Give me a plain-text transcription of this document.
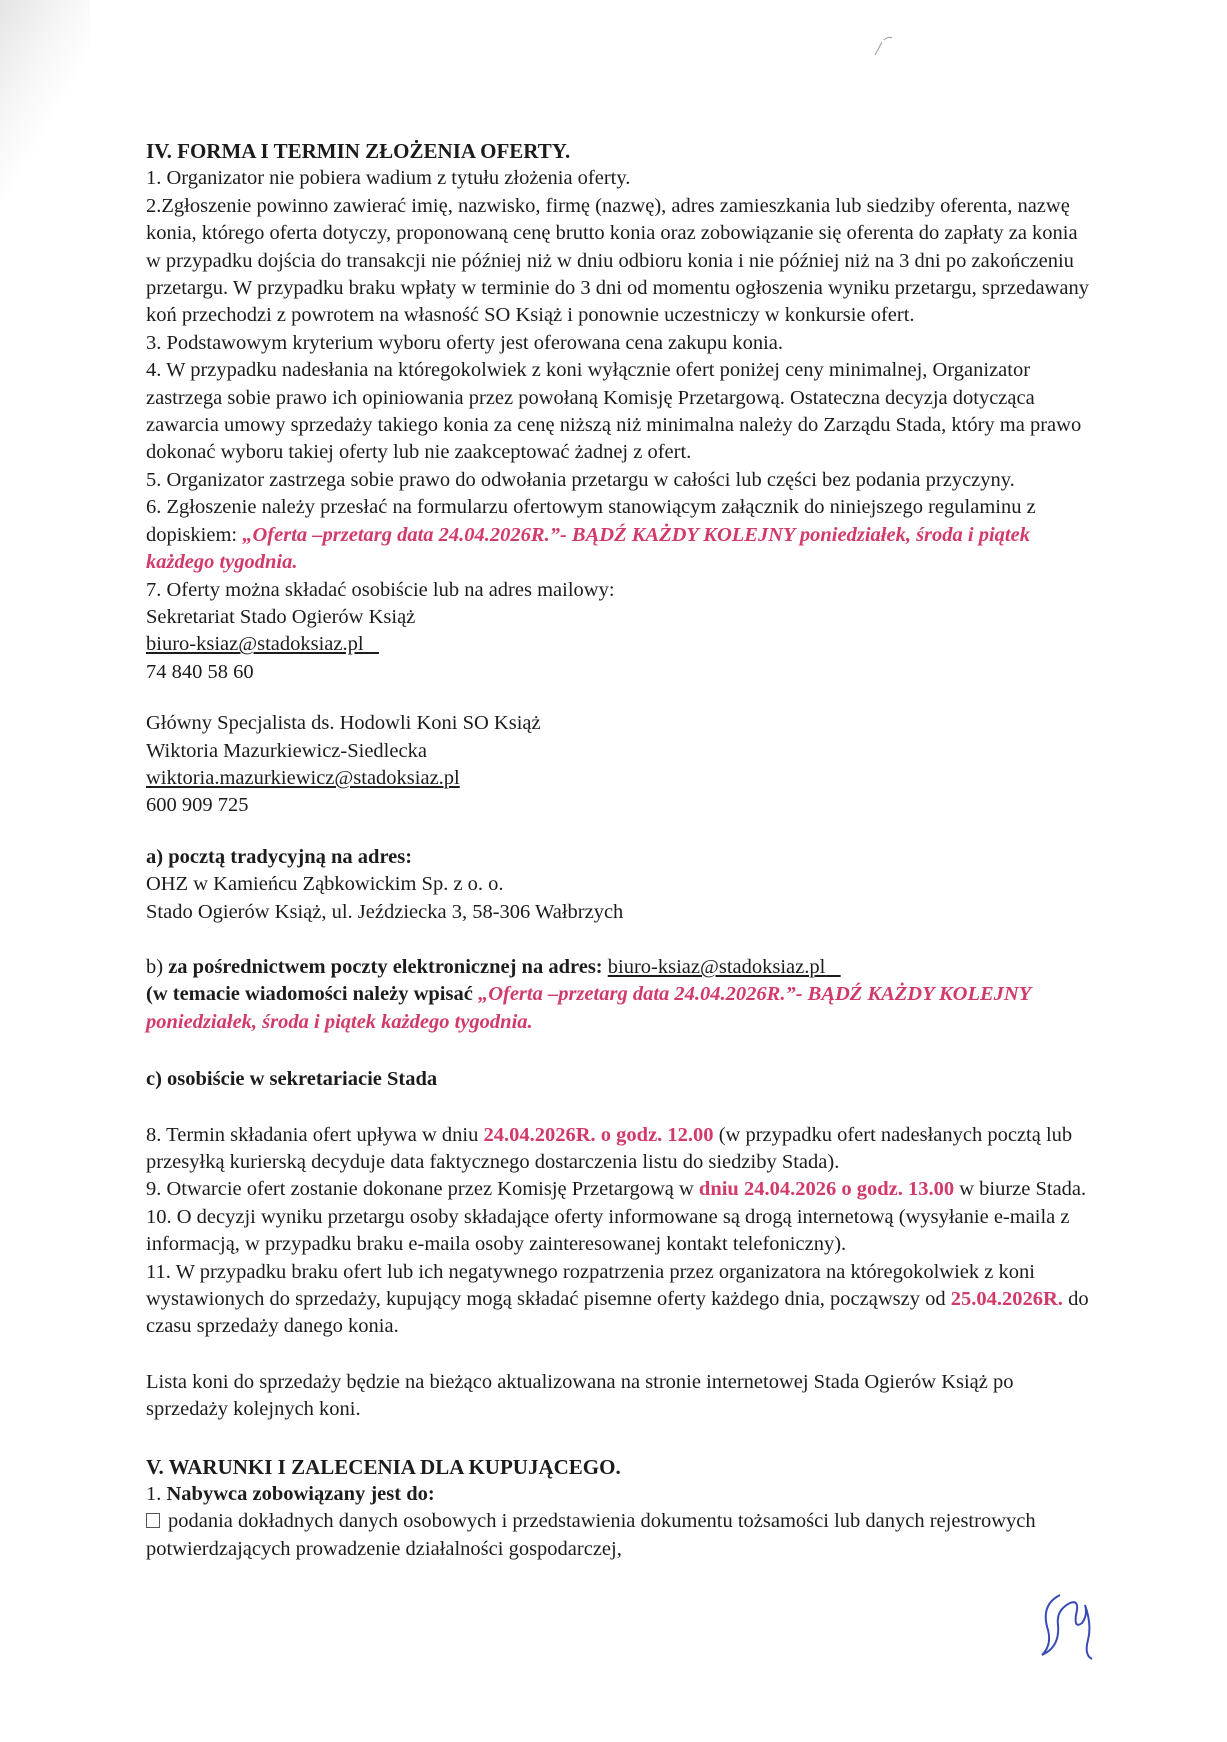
IV. FORMA I TERMIN ZŁOŻENIA OFERTY.

1. Organizator nie pobiera wadium z tytułu złożenia oferty.

2.Zgłoszenie powinno zawierać imię, nazwisko, firmę (nazwę), adres zamieszkania lub siedziby oferenta, nazwę konia, którego oferta dotyczy, proponowaną cenę brutto konia oraz zobowiązanie się oferenta do zapłaty za konia w przypadku dojścia do transakcji nie później niż w dniu odbioru konia i nie później niż na 3 dni po zakończeniu przetargu. W przypadku braku wpłaty w terminie do 3 dni od momentu ogłoszenia wyniku przetargu, sprzedawany koń przechodzi z powrotem na własność SO Książ i ponownie uczestniczy w konkursie ofert.

3. Podstawowym kryterium wyboru oferty jest oferowana cena zakupu konia.

4. W przypadku nadesłania na któregokolwiek z koni wyłącznie ofert poniżej ceny minimalnej, Organizator zastrzega sobie prawo ich opiniowania przez powołaną Komisję Przetargową. Ostateczna decyzja dotycząca zawarcia umowy sprzedaży takiego konia za cenę niższą niż minimalna należy do Zarządu Stada, który ma prawo dokonać wyboru takiej oferty lub nie zaakceptować żadnej z ofert.

5. Organizator zastrzega sobie prawo do odwołania przetargu w całości lub części bez podania przyczyny.

6. Zgłoszenie należy przesłać na formularzu ofertowym stanowiącym załącznik do niniejszego regulaminu z dopiskiem: „Oferta –przetarg data 24.04.2026R.”- BĄDŹ KAŻDY KOLEJNY poniedziałek, środa i piątek każdego tygodnia.

7. Oferty można składać osobiście lub na adres mailowy:

Sekretariat Stado Ogierów Książ

biuro-ksiaz@stadoksiaz.pl

74 840 58 60

Główny Specjalista ds. Hodowli Koni SO Książ

Wiktoria Mazurkiewicz-Siedlecka

wiktoria.mazurkiewicz@stadoksiaz.pl

600 909 725

a) pocztą tradycyjną na adres:

OHZ w Kamieńcu Ząbkowickim Sp. z o. o.

Stado Ogierów Książ, ul. Jeździecka 3, 58-306 Wałbrzych

b) za pośrednictwem poczty elektronicznej na adres: biuro-ksiaz@stadoksiaz.pl

(w temacie wiadomości należy wpisać „Oferta –przetarg data 24.04.2026R.”- BĄDŹ KAŻDY KOLEJNY poniedziałek, środa i piątek każdego tygodnia.

c) osobiście w sekretariacie Stada

8. Termin składania ofert upływa w dniu 24.04.2026R. o godz. 12.00 (w przypadku ofert nadesłanych pocztą lub przesyłką kurierską decyduje data faktycznego dostarczenia listu do siedziby Stada).

9. Otwarcie ofert zostanie dokonane przez Komisję Przetargową w dniu 24.04.2026 o godz. 13.00 w biurze Stada.

10. O decyzji wyniku przetargu osoby składające oferty informowane są drogą internetową (wysyłanie e-maila z informacją, w przypadku braku e-maila osoby zainteresowanej kontakt telefoniczny).

11. W przypadku braku ofert lub ich negatywnego rozpatrzenia przez organizatora na któregokolwiek z koni wystawionych do sprzedaży, kupujący mogą składać pisemne oferty każdego dnia, począwszy od 25.04.2026R. do czasu sprzedaży danego konia.

Lista koni do sprzedaży będzie na bieżąco aktualizowana na stronie internetowej Stada Ogierów Książ po sprzedaży kolejnych koni.

V. WARUNKI I ZALECENIA DLA KUPUJĄCEGO.

1. Nabywca zobowiązany jest do:

podania dokładnych danych osobowych i przedstawienia dokumentu tożsamości lub danych rejestrowych potwierdzających prowadzenie działalności gospodarczej,
